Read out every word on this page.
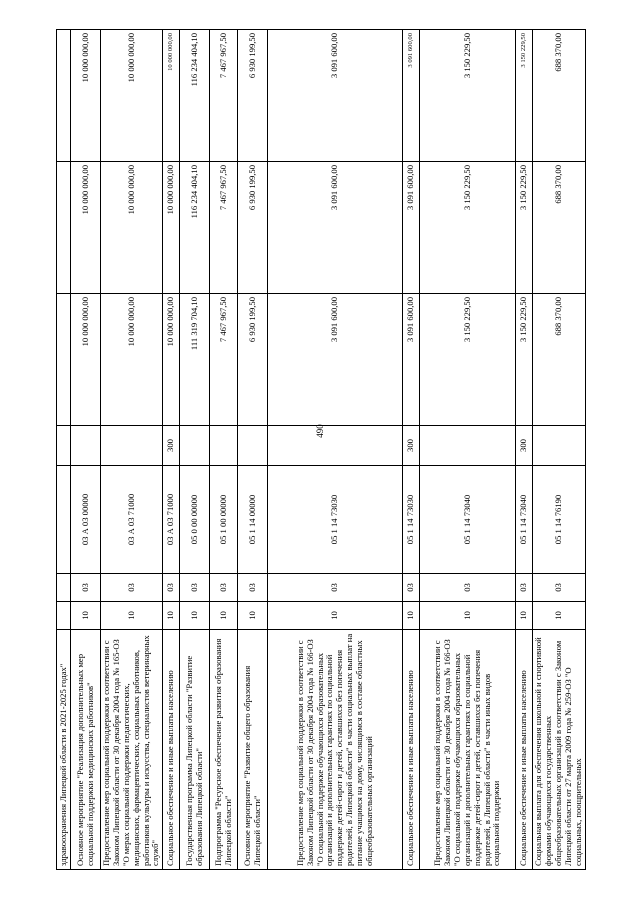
490
здравоохранения Липецкой области в 2021-2025 годах"							
Основное мероприятие "Реализация дополнительных мер социальной поддержки медицинских работников"	10	03	03 А 03 00000		10 000 000,00	10 000 000,00	10 000 000,00
Предоставление мер социальной поддержки в соответствии с Законом Липецкой области от 30 декабря 2004 года № 165-ОЗ "О мерах социальной поддержки педагогических, медицинских, фармацевтических, социальных работников, работников культуры и искусства, специалистов ветеринарных служб"	10	03	03 А 03 71000		10 000 000,00	10 000 000,00	10 000 000,00
Социальное обеспечение и иные выплаты населению	10	03	03 А 03 71000	300	10 000 000,00	10 000 000,00	10 000 000,00
Государственная программа Липецкой области "Развитие образования Липецкой области"	10	03	05 0 00 00000		111 319 704,10	116 234 404,10	116 234 404,10
Подпрограмма "Ресурсное обеспечение развития образования Липецкой области"	10	03	05 1 00 00000		7 467 967,50	7 467 967,50	7 467 967,50
Основное мероприятие "Развитие общего образования Липецкой области"	10	03	05 1 14 00000		6 930 199,50	6 930 199,50	6 930 199,50
Предоставление мер социальной поддержки в соответствии с Законом Липецкой области от 30 декабря 2004 года № 166-ОЗ "О социальной поддержке обучающихся образовательных организаций и дополнительных гарантиях по социальной поддержке детей-сирот и детей, оставшихся без попечения родителей, в Липецкой области" в части социальных выплат на питание учащимся на дому, числящимся в составе областных общеобразовательных организаций	10	03	05 1 14 73030		3 091 600,00	3 091 600,00	3 091 600,00
Социальное обеспечение и иные выплаты населению	10	03	05 1 14 73030	300	3 091 600,00	3 091 600,00	3 091 600,00
Предоставление мер социальной поддержки в соответствии с Законом Липецкой области от 30 декабря 2004 года № 166-ОЗ "О социальной поддержке обучающихся образовательных организаций и дополнительных гарантиях по социальной поддержке детей-сирот и детей, оставшихся без попечения родителей, в Липецкой области" в части иных видов социальной поддержки	10	03	05 1 14 73040		3 150 229,50	3 150 229,50	3 150 229,50
Социальное обеспечение и иные выплаты населению	10	03	05 1 14 73040	300	3 150 229,50	3 150 229,50	3 150 229,50
Социальная выплата для обеспечения школьной и спортивной формами обучающихся государственных общеобразовательных организаций в соответствии с Законом Липецкой области от 27 марта 2009 года № 259-ОЗ "О социальных, поощрительных	10	03	05 1 14 76190		688 370,00	688 370,00	688 370,00
